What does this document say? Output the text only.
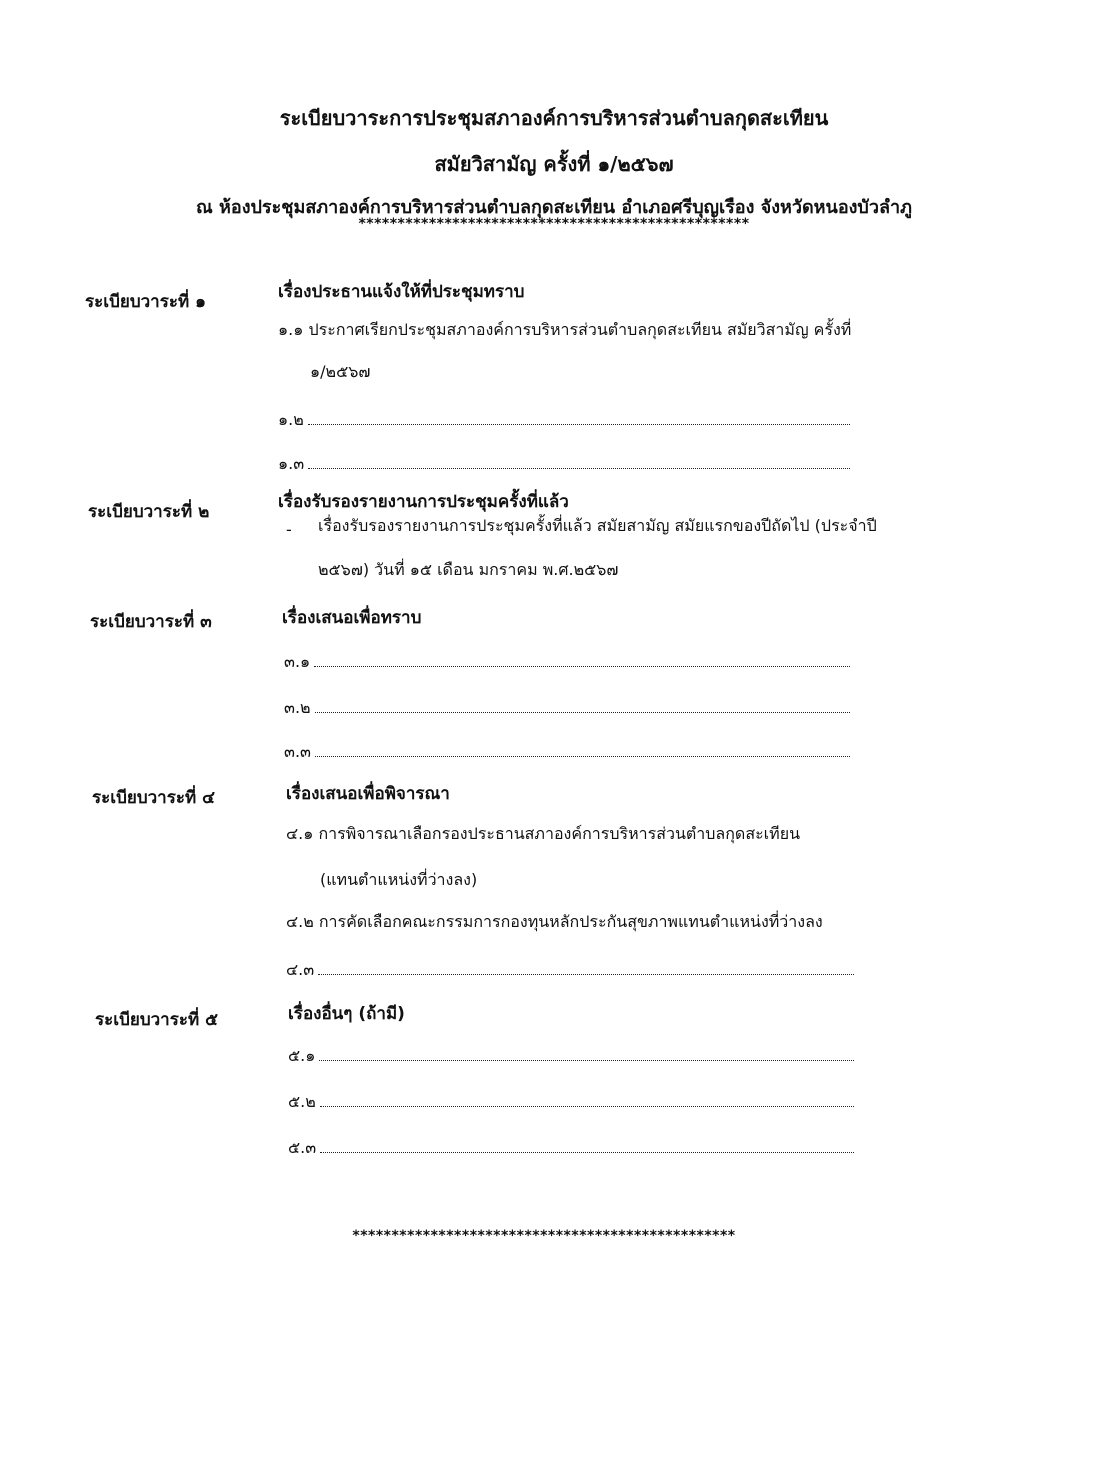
ระเบียบวาระการประชุมสภาองค์การบริหารส่วนตำบลกุดสะเทียน
สมัยวิสามัญ ครั้งที่ ๑/๒๕๖๗
ณ ห้องประชุมสภาองค์การบริหารส่วนตำบลกุดสะเทียน อำเภอศรีบุญเรือง จังหวัดหนองบัวลำภู
**************************************************
ระเบียบวาระที่ ๑	เรื่องประธานแจ้งให้ที่ประชุมทราบ
๑.๑ ประกาศเรียกประชุมสภาองค์การบริหารส่วนตำบลกุดสะเทียน สมัยวิสามัญ ครั้งที่
๑/๒๕๖๗
๑.๒
๑.๓
ระเบียบวาระที่ ๒	เรื่องรับรองรายงานการประชุมครั้งที่แล้ว
- เรื่องรับรองรายงานการประชุมครั้งที่แล้ว สมัยสามัญ สมัยแรกของปีถัดไป (ประจำปี
๒๕๖๗) วันที่ ๑๕ เดือน มกราคม พ.ศ.๒๕๖๗
ระเบียบวาระที่ ๓	เรื่องเสนอเพื่อทราบ
๓.๑
๓.๒
๓.๓
ระเบียบวาระที่ ๔	เรื่องเสนอเพื่อพิจารณา
๔.๑ การพิจารณาเลือกรองประธานสภาองค์การบริหารส่วนตำบลกุดสะเทียน
(แทนตำแหน่งที่ว่างลง)
๔.๒ การคัดเลือกคณะกรรมการกองทุนหลักประกันสุขภาพแทนตำแหน่งที่ว่างลง
๔.๓
ระเบียบวาระที่ ๕	เรื่องอื่นๆ (ถ้ามี)
๕.๑
๕.๒
๕.๓
*************************************************
